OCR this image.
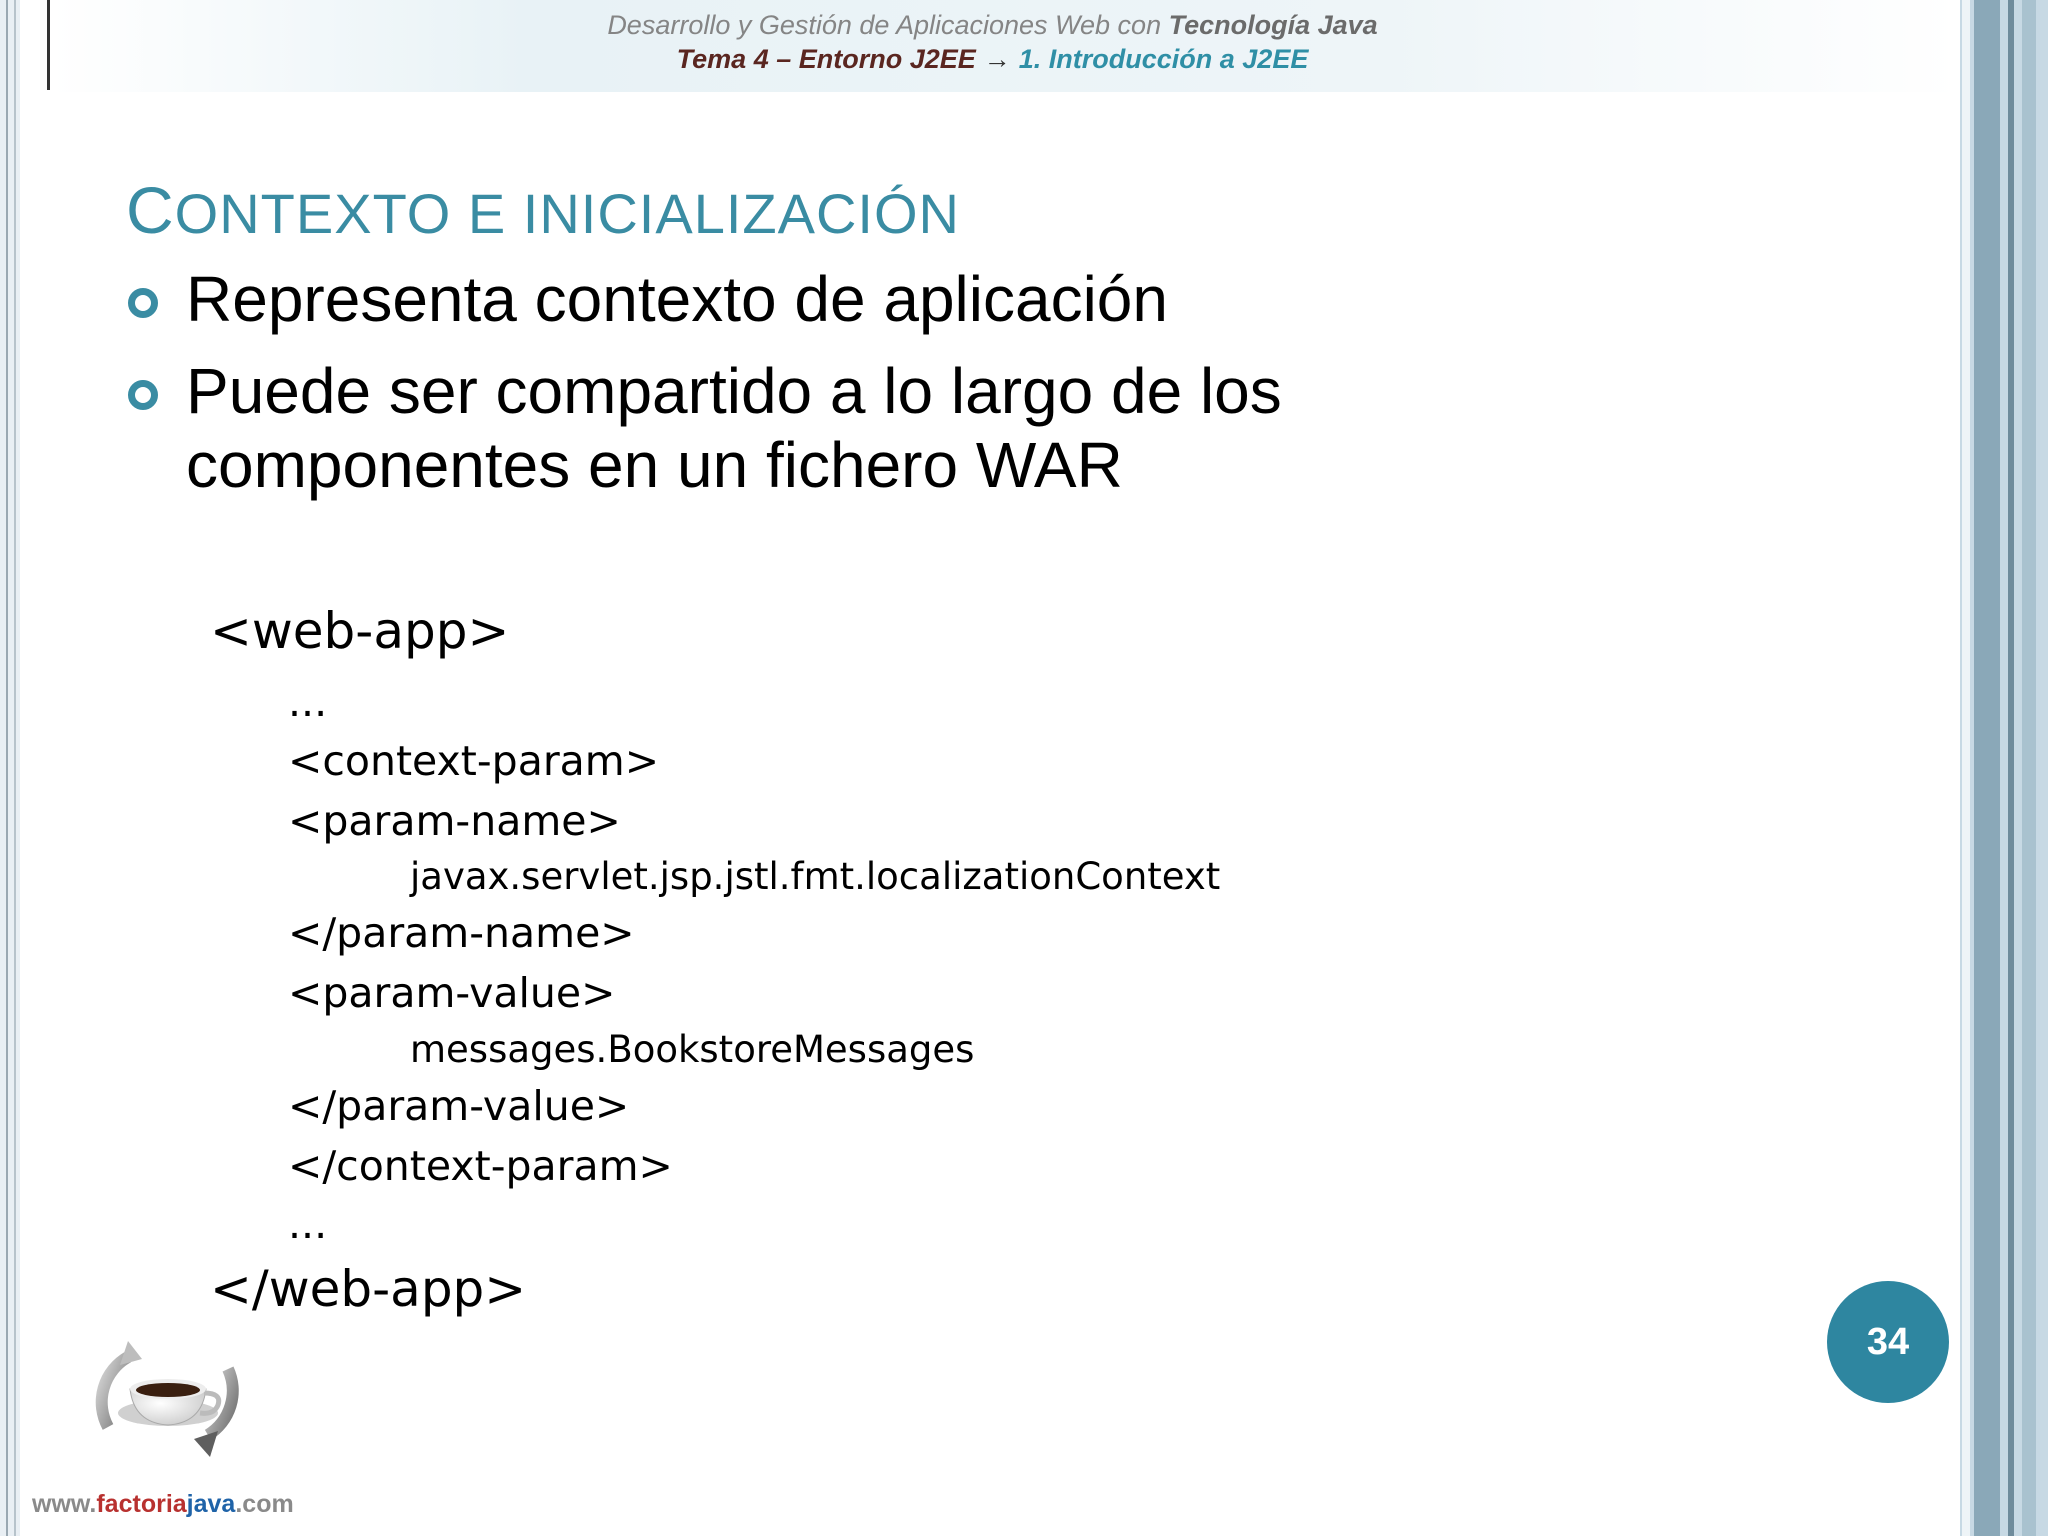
Desarrollo y Gestión de Aplicaciones Web con Tecnología Java
Tema 4 – Entorno J2EE → 1. Introducción a J2EE
CONTEXTO E INICIALIZACIÓN
Representa contexto de aplicación
Puede ser compartido a lo largo de los componentes en un fichero WAR
<web-app>
...
<context-param>
<param-name>
javax.servlet.jsp.jstl.fmt.localizationContext
</param-name>
<param-value>
messages.BookstoreMessages
</param-value>
</context-param>
...
</web-app>
34
www.factoriajava.com
